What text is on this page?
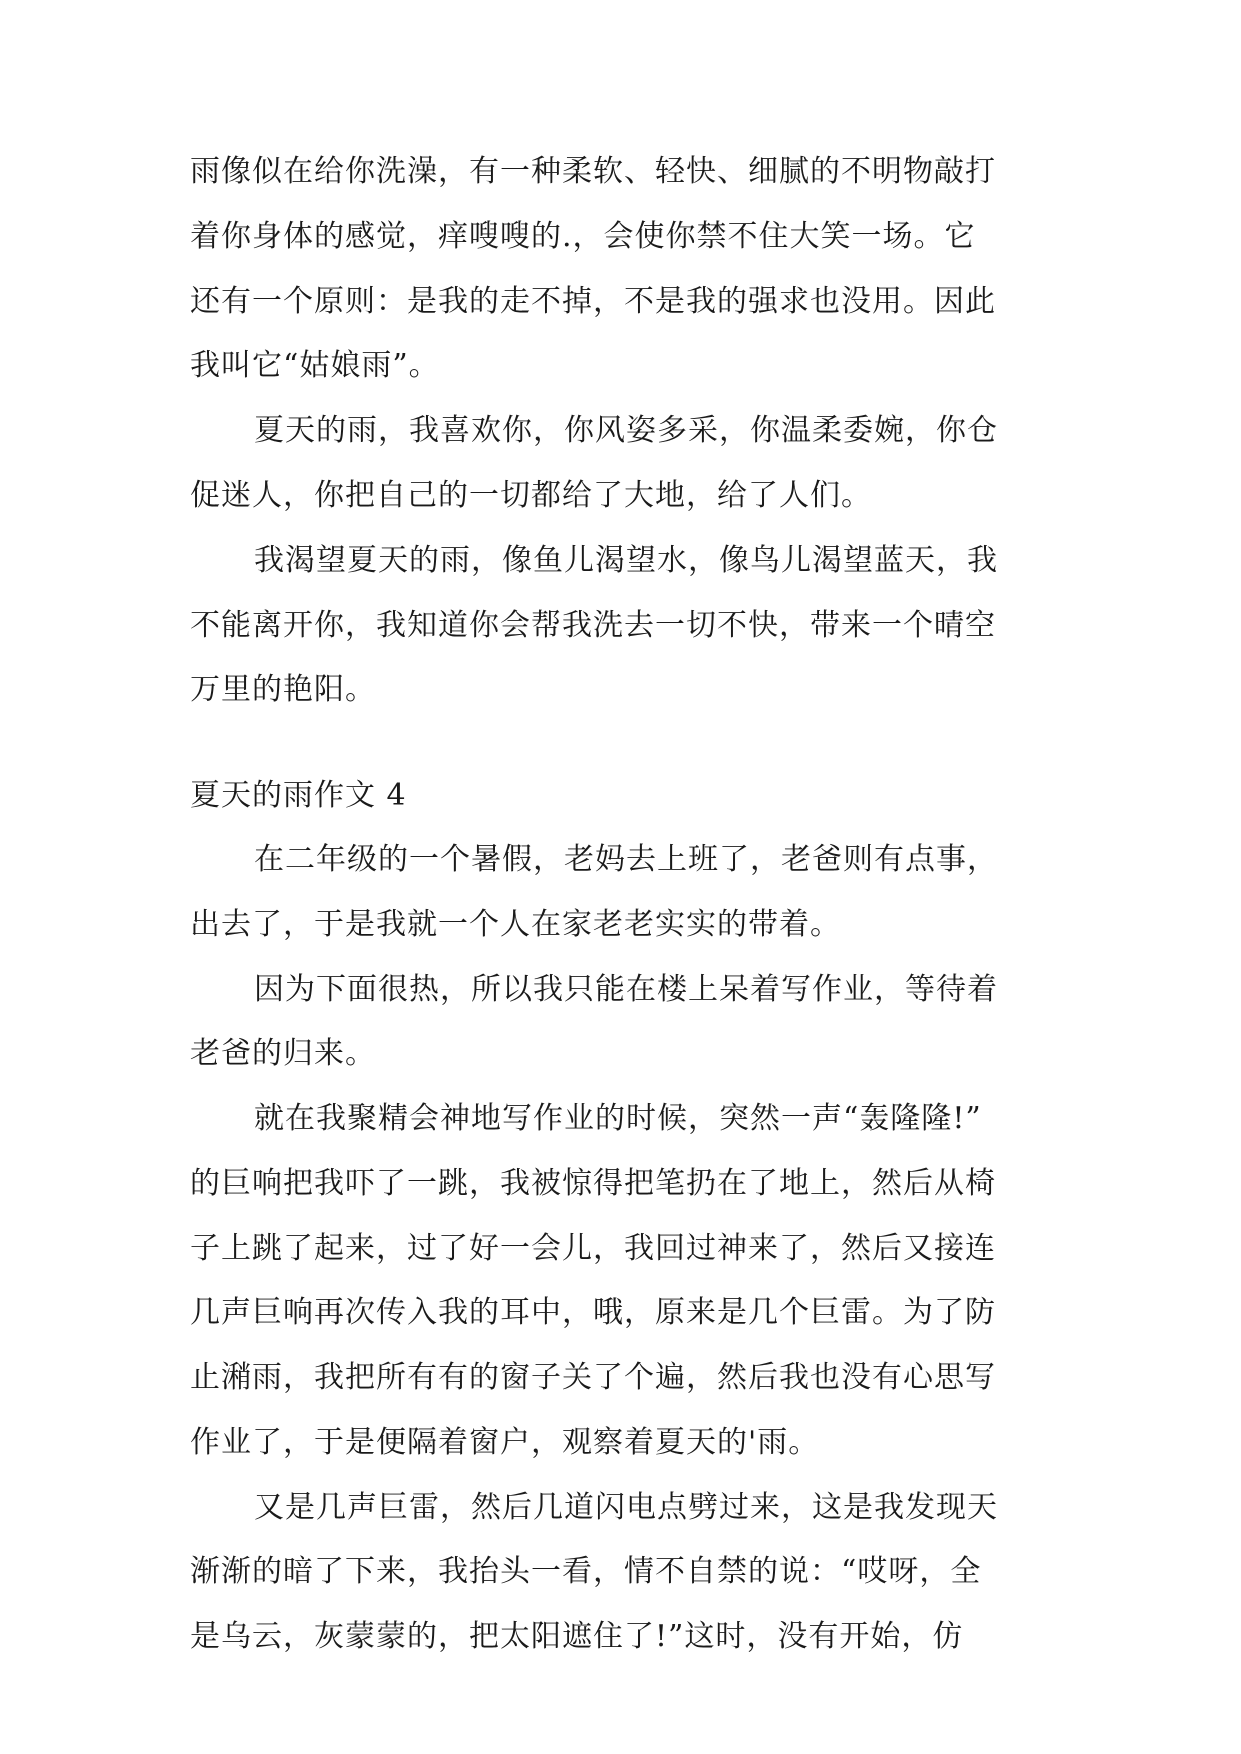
雨像似在给你洗澡，有一种柔软、轻快、细腻的不明物敲打
着你身体的感觉，痒嗖嗖的.，会使你禁不住大笑一场。它
还有一个原则：是我的走不掉，不是我的强求也没用。因此
我叫它“姑娘雨”。
夏天的雨，我喜欢你，你风姿多采，你温柔委婉，你仓
促迷人，你把自己的一切都给了大地，给了人们。
我渴望夏天的雨，像鱼儿渴望水，像鸟儿渴望蓝天，我
不能离开你，我知道你会帮我洗去一切不快，带来一个晴空
万里的艳阳。
夏天的雨作文 4
在二年级的一个暑假，老妈去上班了，老爸则有点事，
出去了，于是我就一个人在家老老实实的带着。
因为下面很热，所以我只能在楼上呆着写作业，等待着
老爸的归来。
就在我聚精会神地写作业的时候，突然一声“轰隆隆!”
的巨响把我吓了一跳，我被惊得把笔扔在了地上，然后从椅
子上跳了起来，过了好一会儿，我回过神来了，然后又接连
几声巨响再次传入我的耳中，哦，原来是几个巨雷。为了防
止潲雨，我把所有有的窗子关了个遍，然后我也没有心思写
作业了，于是便隔着窗户，观察着夏天的'雨。
又是几声巨雷，然后几道闪电点劈过来，这是我发现天
渐渐的暗了下来，我抬头一看，情不自禁的说：“哎呀，全
是乌云，灰蒙蒙的，把太阳遮住了!”这时，没有开始，仿
